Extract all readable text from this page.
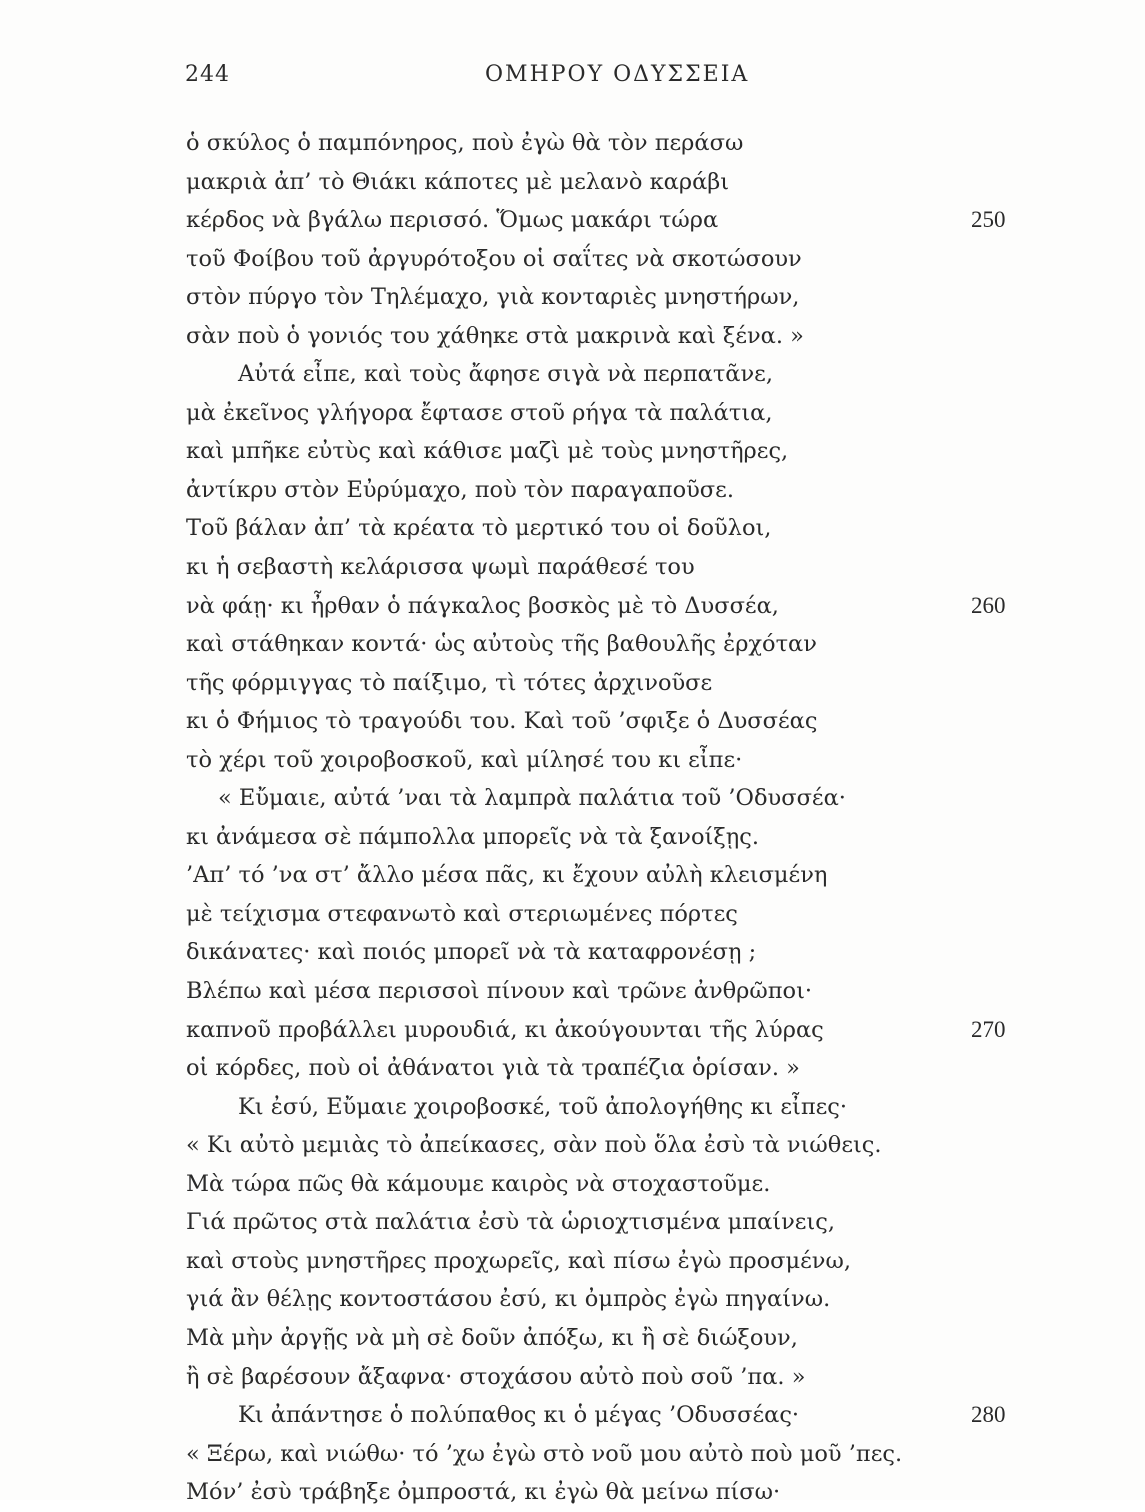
244	ΟΜΗΡΟΥ ΟΔΥΣΣΕΙΑ
ὁ σκύλος ὁ παμπόνηρος, ποὺ ἐγὼ θὰ τὸν περάσω
μακριὰ ἀπ’ τὸ Θιάκι κάποτες μὲ μελανὸ καράβι
κέρδος νὰ βγάλω περισσό. Ὅμως μακάρι τώρα	250
τοῦ Φοίβου τοῦ ἀργυρότοξου οἱ σαΐτες νὰ σκοτώσουν
στὸν πύργο τὸν Τηλέμαχο, γιὰ κονταριὲς μνηστήρων,
σὰν ποὺ ὁ γονιός του χάθηκε στὰ μακρινὰ καὶ ξένα. »
Αὐτά εἶπε, καὶ τοὺς ἄφησε σιγὰ νὰ περπατᾶνε,
μὰ ἐκεῖνος γλήγορα ἔφτασε στοῦ ρήγα τὰ παλάτια,
καὶ μπῆκε εὐτὺς καὶ κάθισε μαζὶ μὲ τοὺς μνηστῆρες,
ἀντίκρυ στὸν Εὐρύμαχο, ποὺ τὸν παραγαποῦσε.
Τοῦ βάλαν ἀπ’ τὰ κρέατα τὸ μερτικό του οἱ δοῦλοι,
κι ἡ σεβαστὴ κελάρισσα ψωμὶ παράθεσέ του
νὰ φάῃ· κι ἦρθαν ὁ πάγκαλος βοσκὸς μὲ τὸ Δυσσέα,	260
καὶ στάθηκαν κοντά· ὡς αὐτοὺς τῆς βαθουλῆς ἐρχόταν
τῆς φόρμιγγας τὸ παίξιμο, τὶ τότες ἀρχινοῦσε
κι ὁ Φήμιος τὸ τραγούδι του. Καὶ τοῦ ’σφιξε ὁ Δυσσέας
τὸ χέρι τοῦ χοιροβοσκοῦ, καὶ μίλησέ του κι εἶπε·
« Εὔμαιε, αὐτά ’ναι τὰ λαμπρὰ παλάτια τοῦ ’Οδυσσέα·
κι ἀνάμεσα σὲ πάμπολλα μπορεῖς νὰ τὰ ξανοίξῃς.
’Απ’ τό ’να στ’ ἄλλο μέσα πᾶς, κι ἔχουν αὐλὴ κλεισμένη
μὲ τείχισμα στεφανωτὸ καὶ στεριωμένες πόρτες
δικάνατες· καὶ ποιός μπορεῖ νὰ τὰ καταφρονέσῃ ;
Βλέπω καὶ μέσα περισσοὶ πίνουν καὶ τρῶνε ἀνθρῶποι·
καπνοῦ προβάλλει μυρουδιά, κι ἀκούγουνται τῆς λύρας	270
οἱ κόρδες, ποὺ οἱ ἀθάνατοι γιὰ τὰ τραπέζια ὁρίσαν. »
Κι ἐσύ, Εὔμαιε χοιροβοσκέ, τοῦ ἀπολογήθης κι εἶπες·
« Κι αὐτὸ μεμιὰς τὸ ἀπείκασες, σὰν ποὺ ὅλα ἐσὺ τὰ νιώθεις.
Μὰ τώρα πῶς θὰ κάμουμε καιρὸς νὰ στοχαστοῦμε.
Γιά πρῶτος στὰ παλάτια ἐσὺ τὰ ὡριοχτισμένα μπαίνεις,
καὶ στοὺς μνηστῆρες προχωρεῖς, καὶ πίσω ἐγὼ προσμένω,
γιά ἂν θέλῃς κοντοστάσου ἐσύ, κι ὀμπρὸς ἐγὼ πηγαίνω.
Μὰ μὴν ἀργῇς νὰ μὴ σὲ δοῦν ἀπόξω, κι ἢ σὲ διώξουν,
ἢ σὲ βαρέσουν ἄξαφνα· στοχάσου αὐτὸ ποὺ σοῦ ’πα. »
Κι ἀπάντησε ὁ πολύπαθος κι ὁ μέγας ’Οδυσσέας·	280
« Ξέρω, καὶ νιώθω· τό ’χω ἐγὼ στὸ νοῦ μου αὐτὸ ποὺ μοῦ ’πες.
Μόν’ ἐσὺ τράβηξε ὀμπροστά, κι ἐγὼ θὰ μείνω πίσω·
